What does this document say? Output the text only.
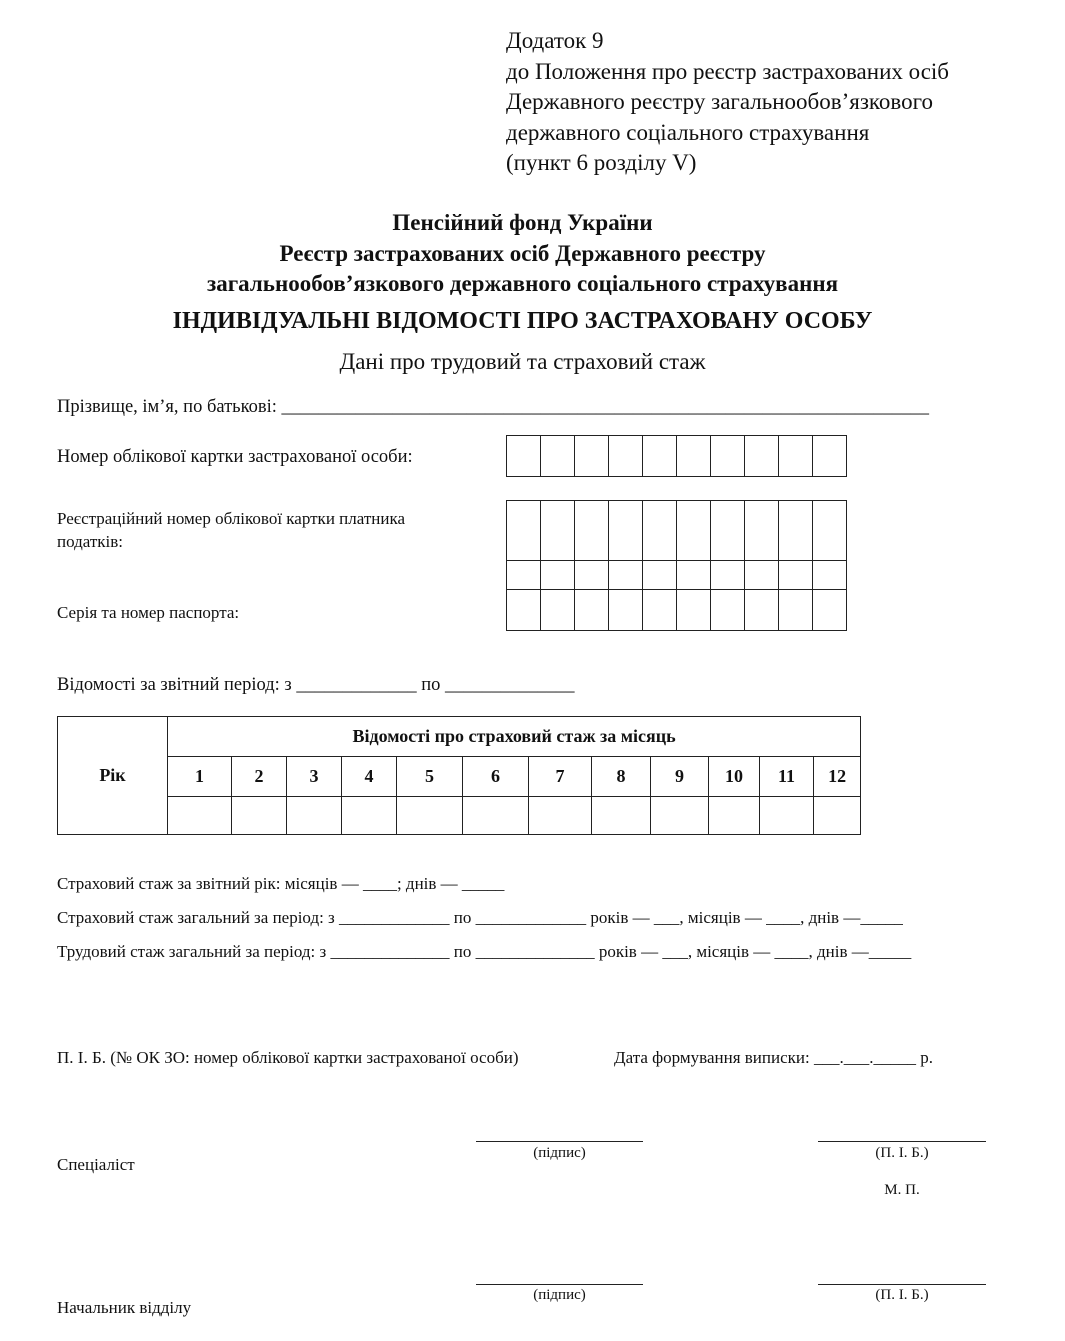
Додаток 9
до Положення про реєстр застрахованих осіб
Державного реєстру загальнообов’язкового
державного соціального страхування
(пункт 6 розділу V)
Пенсійний фонд України
Реєстр застрахованих осіб Державного реєстру
загальнообов’язкового державного соціального страхування
ІНДИВІДУАЛЬНІ ВІДОМОСТІ ПРО ЗАСТРАХОВАНУ ОСОБУ
Дані про трудовий та страховий стаж
Прізвище, ім’я, по батькові: ______________________________________________________________________
Номер облікової картки застрахованої особи:

Реєстраційний номер облікової картки платника
податків:
Серія та номер паспорта:

Відомості за звітний період: з _____________ по ______________
Рік	Відомості про страховий стаж за місяць											
	1	2	3	4	5	6	7	8	9	10	11	12

Страховий стаж за звітний рік: місяців — ____; днів — _____
Страховий стаж загальний за період: з _____________ по _____________ років — ___, місяців — ____, днів —_____
Трудовий стаж загальний за період: з ______________ по ______________ років — ___, місяців — ____, днів —_____
П. І. Б. (№ ОК ЗО: номер облікової картки застрахованої особи)	Дата формування виписки: ___.___._____ р.
(підпис)	(П. І. Б.)
Спеціаліст
М. П.
(підпис)	(П. І. Б.)
Начальник відділу
